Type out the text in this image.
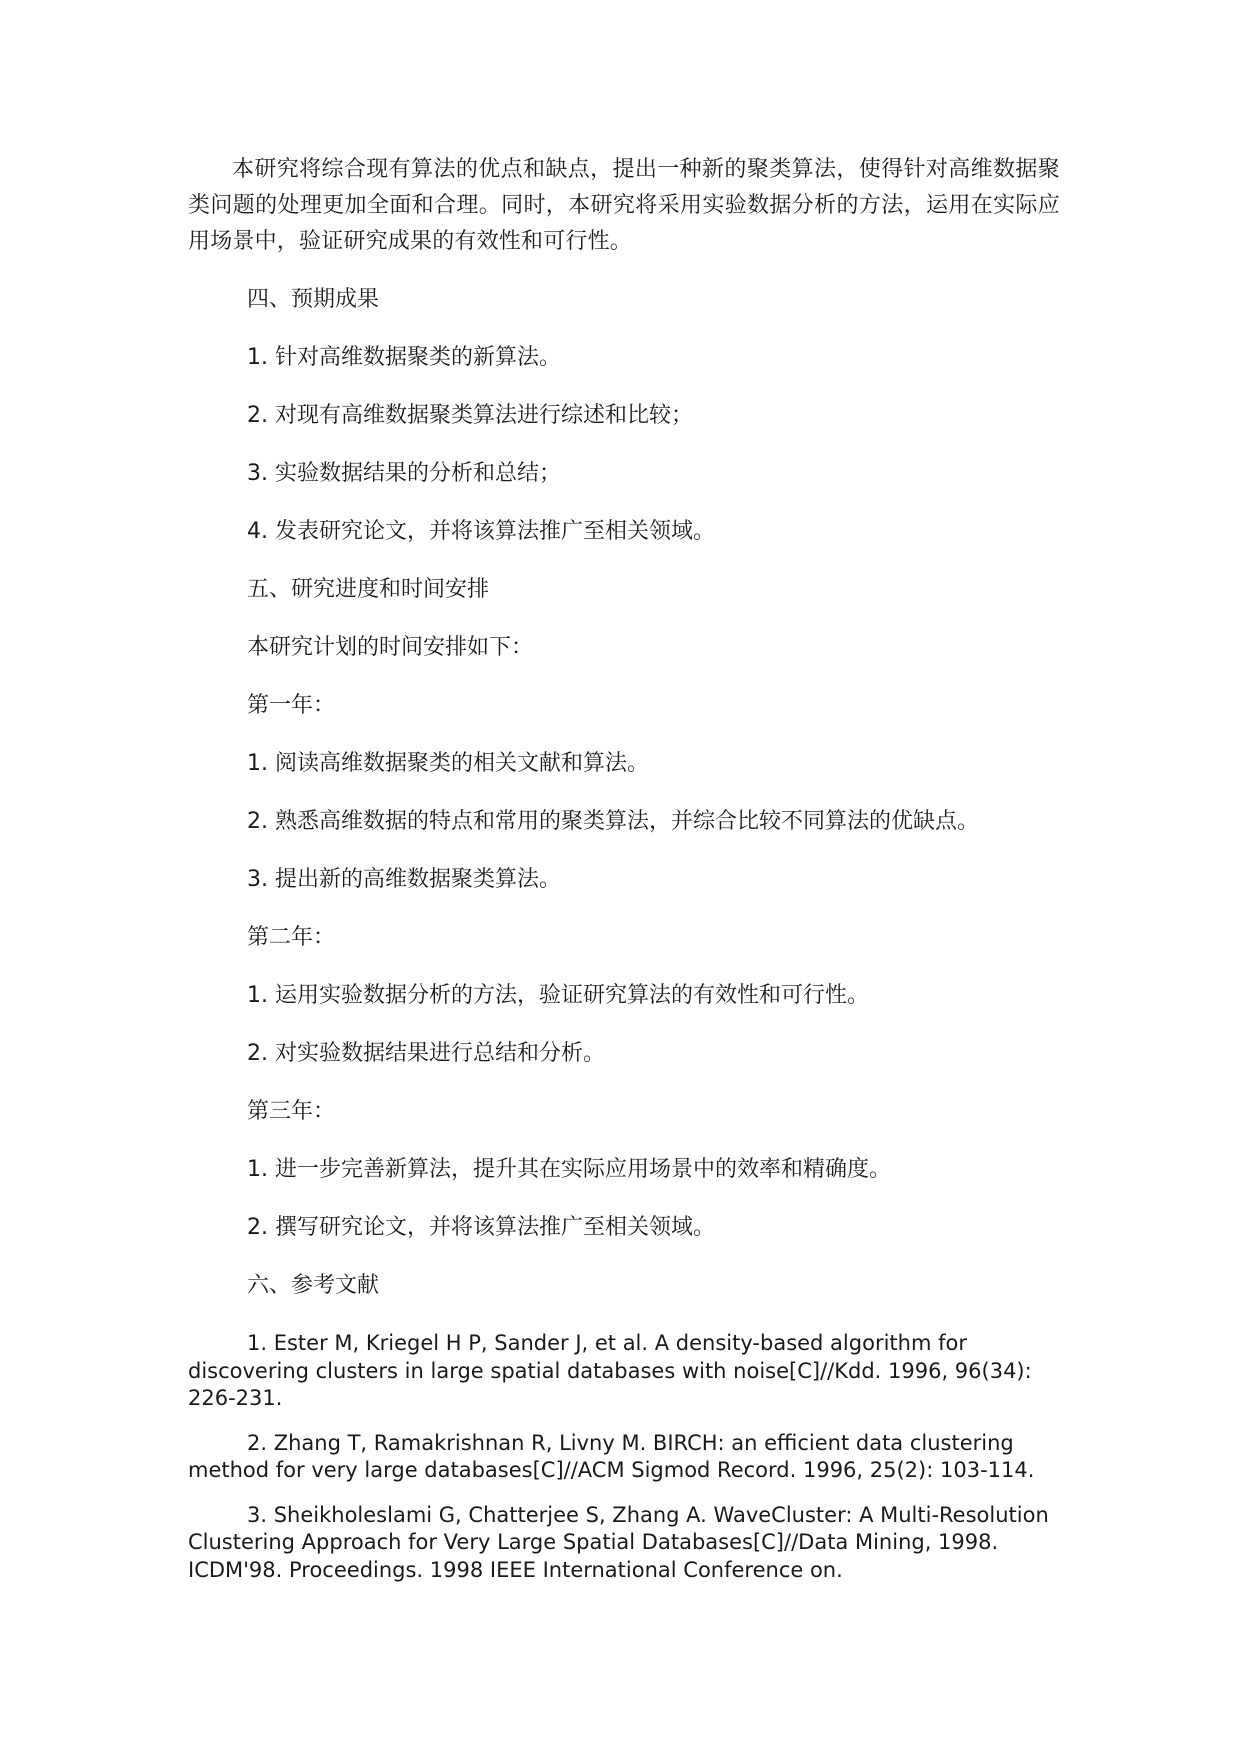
本研究将综合现有算法的优点和缺点，提出一种新的聚类算法，使得针对高维数据聚类问题的处理更加全面和合理。同时，本研究将采用实验数据分析的方法，运用在实际应用场景中，验证研究成果的有效性和可行性。

四、预期成果

1. 针对高维数据聚类的新算法。

2. 对现有高维数据聚类算法进行综述和比较；

3. 实验数据结果的分析和总结；

4. 发表研究论文，并将该算法推广至相关领域。

五、研究进度和时间安排

本研究计划的时间安排如下：

第一年：

1. 阅读高维数据聚类的相关文献和算法。

2. 熟悉高维数据的特点和常用的聚类算法，并综合比较不同算法的优缺点。

3. 提出新的高维数据聚类算法。

第二年：

1. 运用实验数据分析的方法，验证研究算法的有效性和可行性。

2. 对实验数据结果进行总结和分析。

第三年：

1. 进一步完善新算法，提升其在实际应用场景中的效率和精确度。

2. 撰写研究论文，并将该算法推广至相关领域。

六、参考文献

1. Ester M, Kriegel H P, Sander J, et al. A density-based algorithm for discovering clusters in large spatial databases with noise[C]//Kdd. 1996, 96(34): 226-231.

2. Zhang T, Ramakrishnan R, Livny M. BIRCH: an efficient data clustering method for very large databases[C]//ACM Sigmod Record. 1996, 25(2): 103-114.

3. Sheikholeslami G, Chatterjee S, Zhang A. WaveCluster: A Multi-Resolution Clustering Approach for Very Large Spatial Databases[C]//Data Mining, 1998. ICDM'98. Proceedings. 1998 IEEE International Conference on.
